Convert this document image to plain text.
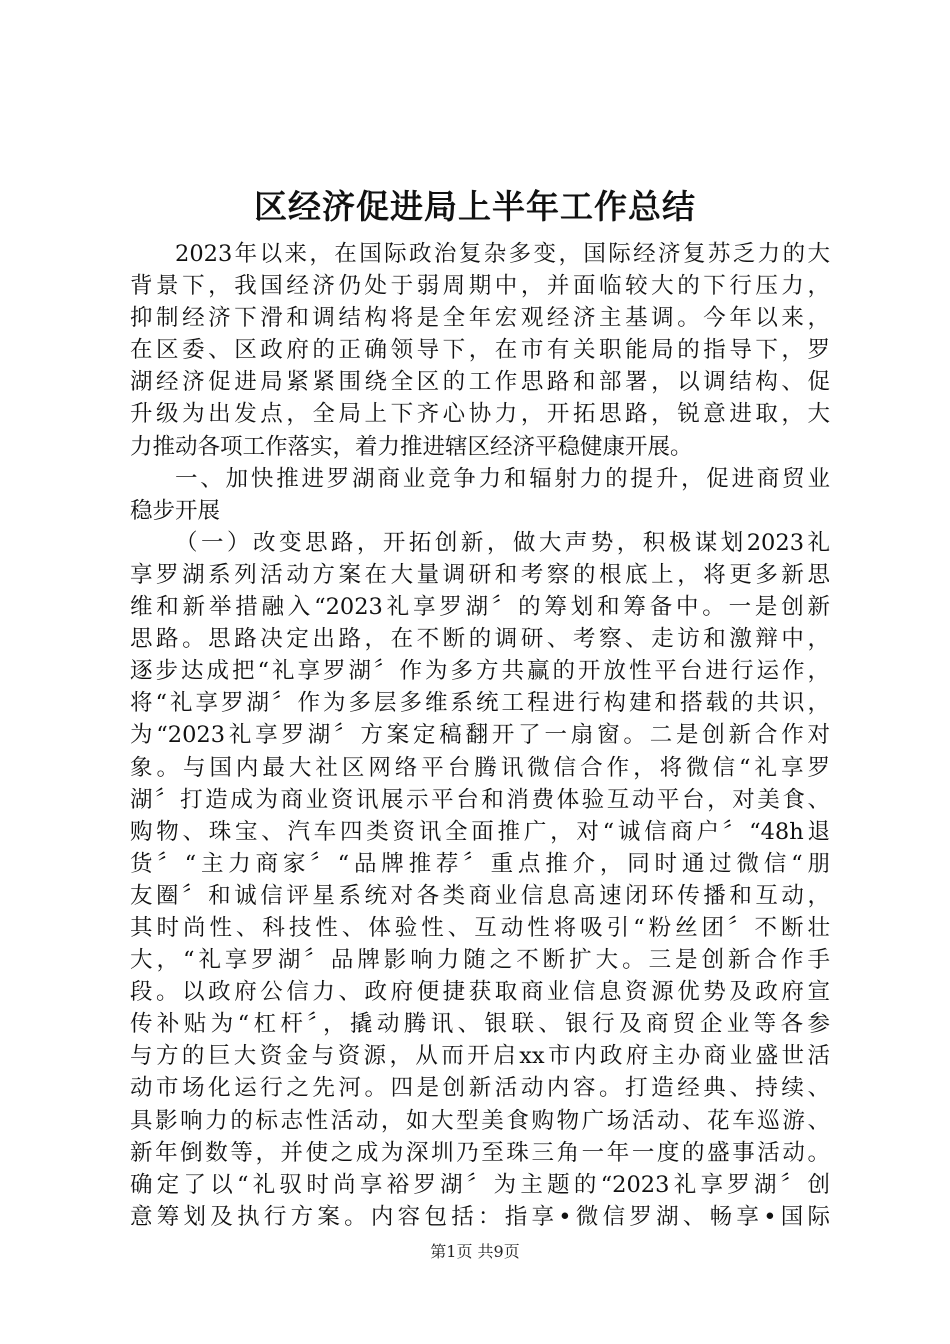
区经济促进局上半年工作总结
2023年以来，在国际政治复杂多变，国际经济复苏乏力的大
背景下，我国经济仍处于弱周期中，并面临较大的下行压力，
抑制经济下滑和调结构将是全年宏观经济主基调。今年以来，
在区委、区政府的正确领导下，在市有关职能局的指导下，罗
湖经济促进局紧紧围绕全区的工作思路和部署，以调结构、促
升级为出发点，全局上下齐心协力，开拓思路，锐意进取，大
力推动各项工作落实，着力推进辖区经济平稳健康开展。
一、加快推进罗湖商业竞争力和辐射力的提升，促进商贸业
稳步开展
（一）改变思路，开拓创新，做大声势，积极谋划2023礼
享罗湖系列活动方案在大量调研和考察的根底上，将更多新思
维和新举措融入“2023礼享罗湖〞的筹划和筹备中。一是创新
思路。思路决定出路，在不断的调研、考察、走访和激辩中，
逐步达成把“礼享罗湖〞作为多方共赢的开放性平台进行运作，
将“礼享罗湖〞作为多层多维系统工程进行构建和搭载的共识，
为“2023礼享罗湖〞方案定稿翻开了一扇窗。二是创新合作对
象。与国内最大社区网络平台腾讯微信合作，将微信“礼享罗
湖〞打造成为商业资讯展示平台和消费体验互动平台，对美食、
购物、珠宝、汽车四类资讯全面推广，对“诚信商户〞“48h退
货〞“主力商家〞“品牌推荐〞重点推介，同时通过微信“朋
友圈〞和诚信评星系统对各类商业信息高速闭环传播和互动，
其时尚性、科技性、体验性、互动性将吸引“粉丝团〞不断壮
大，“礼享罗湖〞品牌影响力随之不断扩大。三是创新合作手
段。以政府公信力、政府便捷获取商业信息资源优势及政府宣
传补贴为“杠杆〞，撬动腾讯、银联、银行及商贸企业等各参
与方的巨大资金与资源，从而开启xx市内政府主办商业盛世活
动市场化运行之先河。四是创新活动内容。打造经典、持续、
具影响力的标志性活动，如大型美食购物广场活动、花车巡游、
新年倒数等，并使之成为深圳乃至珠三角一年一度的盛事活动。
确定了以“礼驭时尚享裕罗湖〞为主题的“2023礼享罗湖〞创
意筹划及执行方案。内容包括：指享•微信罗湖、畅享•国际
第1页 共9页
